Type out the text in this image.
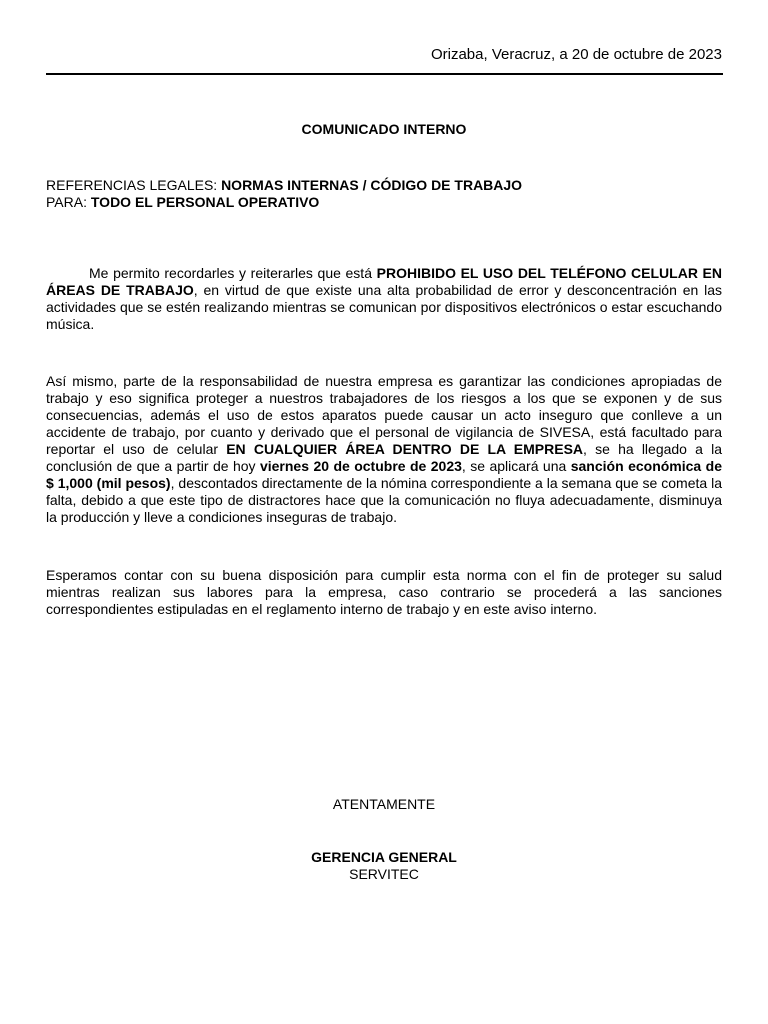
Orizaba, Veracruz, a 20 de octubre de 2023
COMUNICADO INTERNO
REFERENCIAS LEGALES: NORMAS INTERNAS / CÓDIGO DE TRABAJO
PARA: TODO EL PERSONAL OPERATIVO

Me permito recordarles y reiterarles que está PROHIBIDO EL USO DEL TELÉFONO CELULAR EN ÁREAS DE TRABAJO, en virtud de que existe una alta probabilidad de error y desconcentración en las actividades que se estén realizando mientras se comunican por dispositivos electrónicos o estar escuchando música.

Así mismo, parte de la responsabilidad de nuestra empresa es garantizar las condiciones apropiadas de trabajo y eso significa proteger a nuestros trabajadores de los riesgos a los que se exponen y de sus consecuencias, además el uso de estos aparatos puede causar un acto inseguro que conlleve a un accidente de trabajo, por cuanto y derivado que el personal de vigilancia de SIVESA, está facultado para reportar el uso de celular EN CUALQUIER ÁREA DENTRO DE LA EMPRESA, se ha llegado a la conclusión de que a partir de hoy viernes 20 de octubre de 2023, se aplicará una sanción económica de $ 1,000 (mil pesos), descontados directamente de la nómina correspondiente a la semana que se cometa la falta, debido a que este tipo de distractores hace que la comunicación no fluya adecuadamente, disminuya la producción y lleve a condiciones inseguras de trabajo.

Esperamos contar con su buena disposición para cumplir esta norma con el fin de proteger su salud mientras realizan sus labores para la empresa, caso contrario se procederá a las sanciones correspondientes estipuladas en el reglamento interno de trabajo y en este aviso interno.

ATENTAMENTE
GERENCIA GENERAL
SERVITEC
